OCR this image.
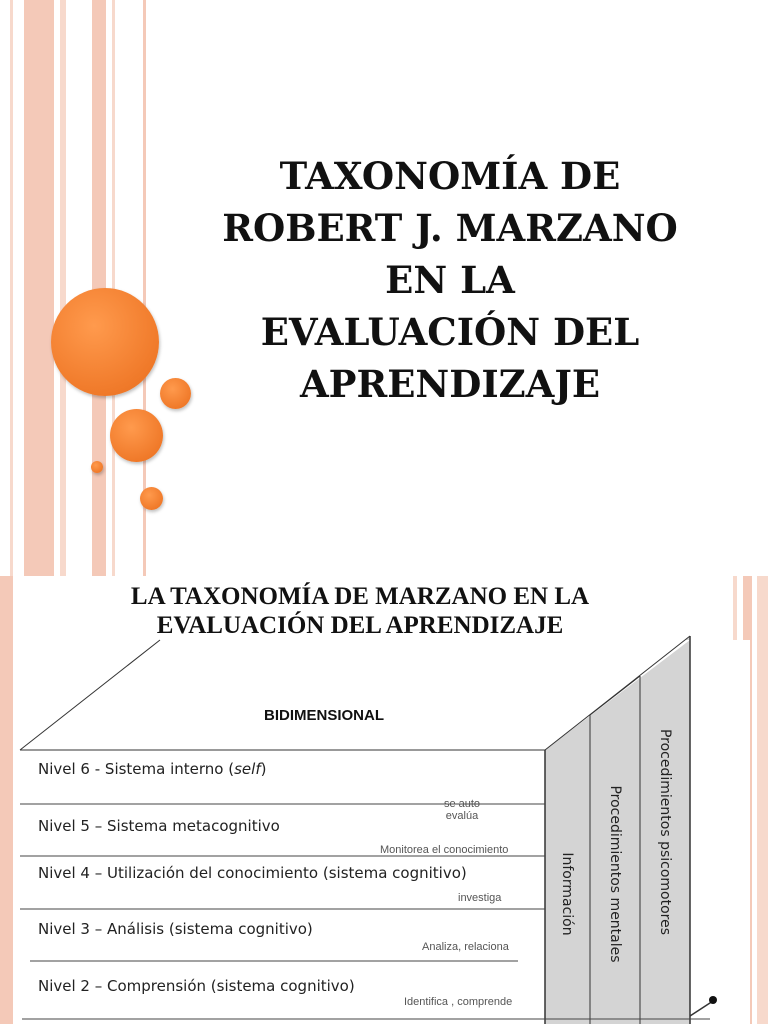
TAXONOMÍA DE
ROBERT J. MARZANO
EN LA
EVALUACIÓN DEL
APRENDIZAJE
LA TAXONOMÍA DE MARZANO EN LA
EVALUACIÓN DEL APRENDIZAJE
BIDIMENSIONAL
Nivel 6 - Sistema interno (self)
se auto evalúa
Nivel 5 – Sistema metacognitivo
Monitorea el conocimiento
Nivel 4 – Utilización del conocimiento (sistema cognitivo)
investiga
Nivel 3 – Análisis (sistema cognitivo)
Analiza, relaciona
Nivel 2 – Comprensión (sistema cognitivo)
Identifica , comprende
Información Procedimientos mentales Procedimientos psicomotores
